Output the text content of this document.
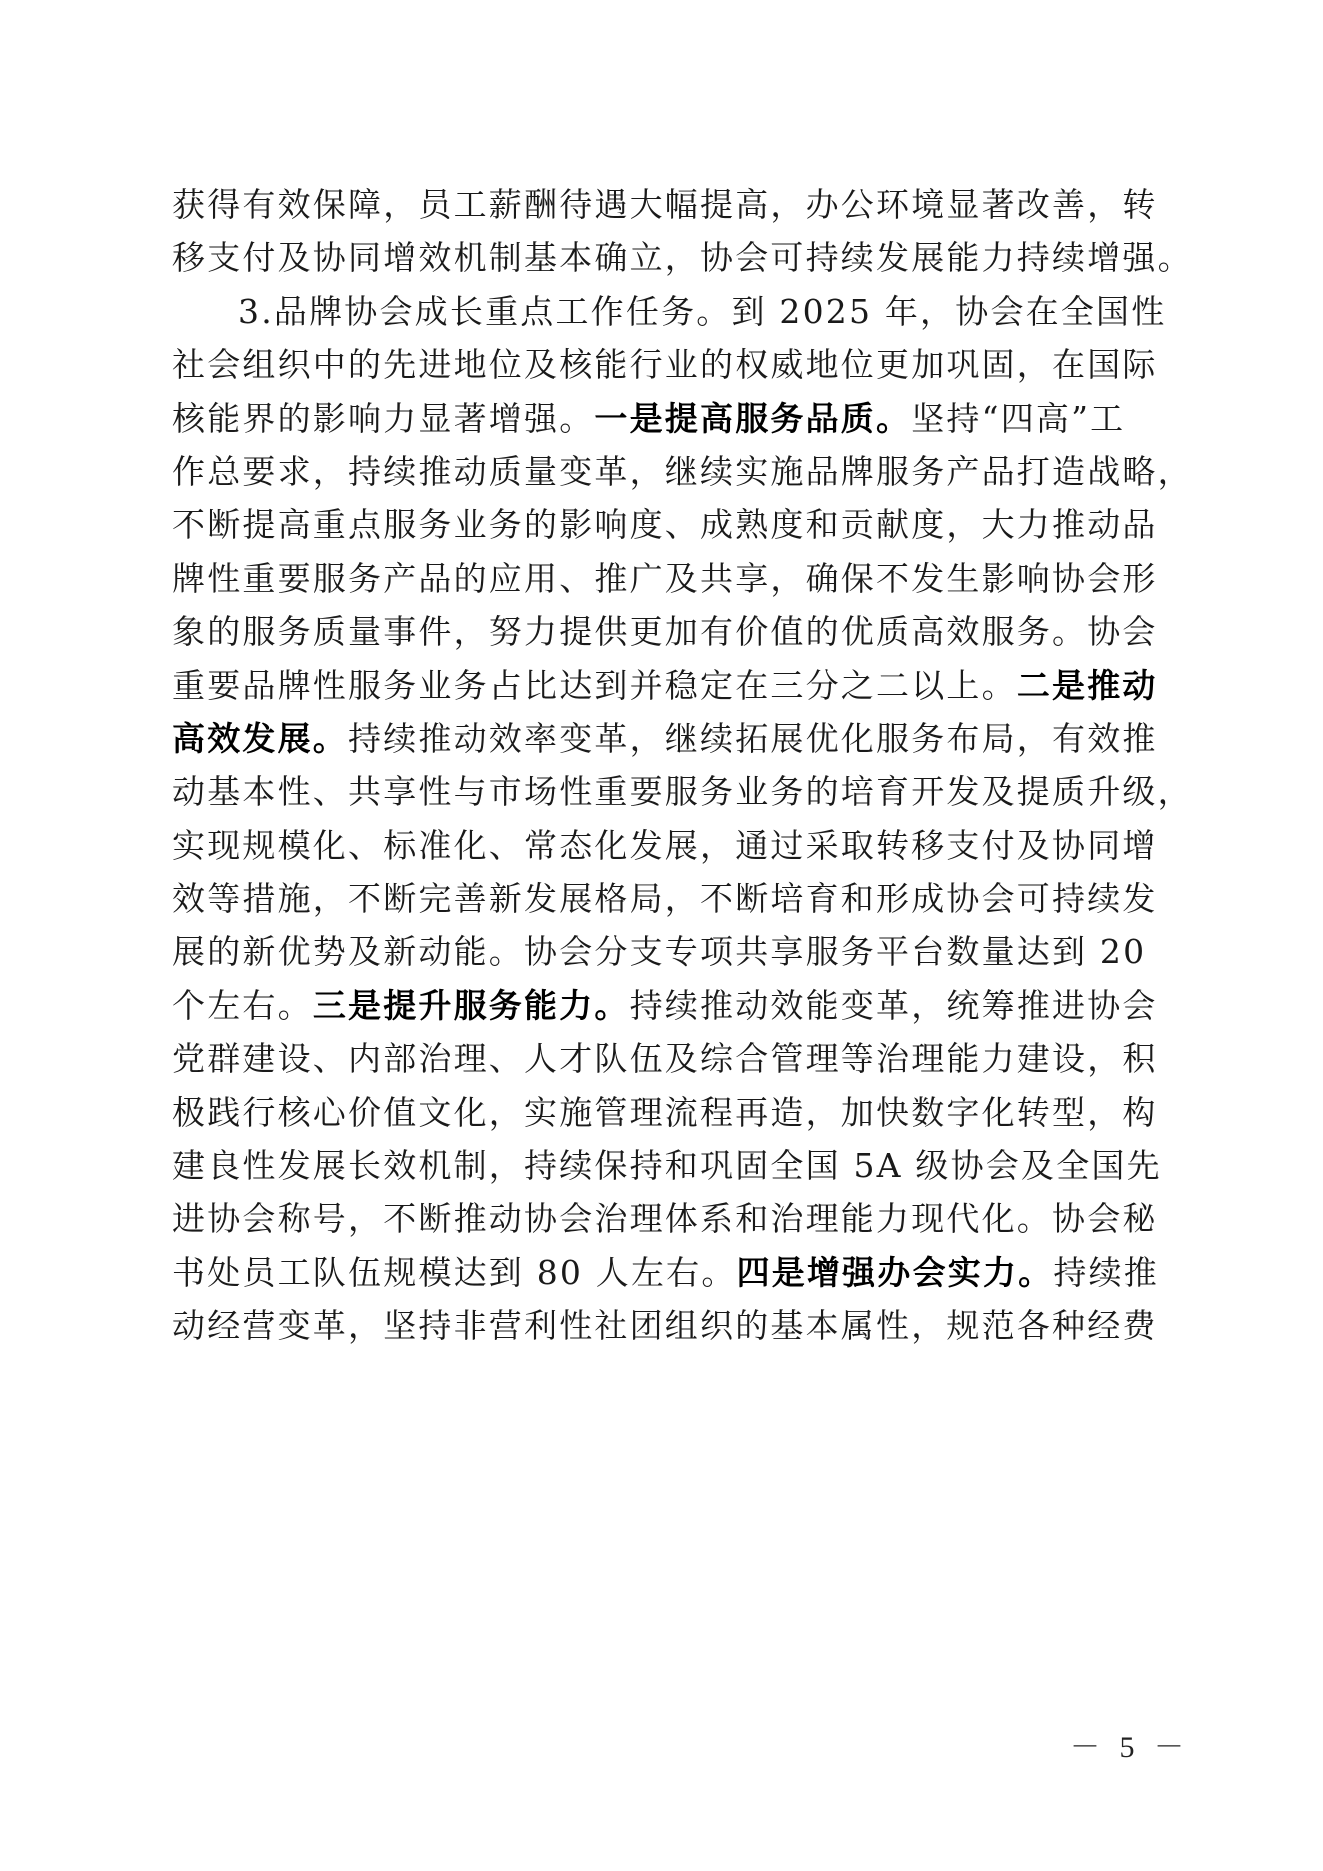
获得有效保障，员工薪酬待遇大幅提高，办公环境显著改善，转
移支付及协同增效机制基本确立，协会可持续发展能力持续增强。
3.品牌协会成长重点工作任务。到 2025 年，协会在全国性
社会组织中的先进地位及核能行业的权威地位更加巩固，在国际
核能界的影响力显著增强。一是提高服务品质。坚持“四高”工
作总要求，持续推动质量变革，继续实施品牌服务产品打造战略，
不断提高重点服务业务的影响度、成熟度和贡献度，大力推动品
牌性重要服务产品的应用、推广及共享，确保不发生影响协会形
象的服务质量事件，努力提供更加有价值的优质高效服务。协会
重要品牌性服务业务占比达到并稳定在三分之二以上。二是推动
高效发展。持续推动效率变革，继续拓展优化服务布局，有效推
动基本性、共享性与市场性重要服务业务的培育开发及提质升级，
实现规模化、标准化、常态化发展，通过采取转移支付及协同增
效等措施，不断完善新发展格局，不断培育和形成协会可持续发
展的新优势及新动能。协会分支专项共享服务平台数量达到 20
个左右。三是提升服务能力。持续推动效能变革，统筹推进协会
党群建设、内部治理、人才队伍及综合管理等治理能力建设，积
极践行核心价值文化，实施管理流程再造，加快数字化转型，构
建良性发展长效机制，持续保持和巩固全国 5A 级协会及全国先
进协会称号，不断推动协会治理体系和治理能力现代化。协会秘
书处员工队伍规模达到 80 人左右。四是增强办会实力。持续推
动经营变革，坚持非营利性社团组织的基本属性，规范各种经费
－ 5 －
